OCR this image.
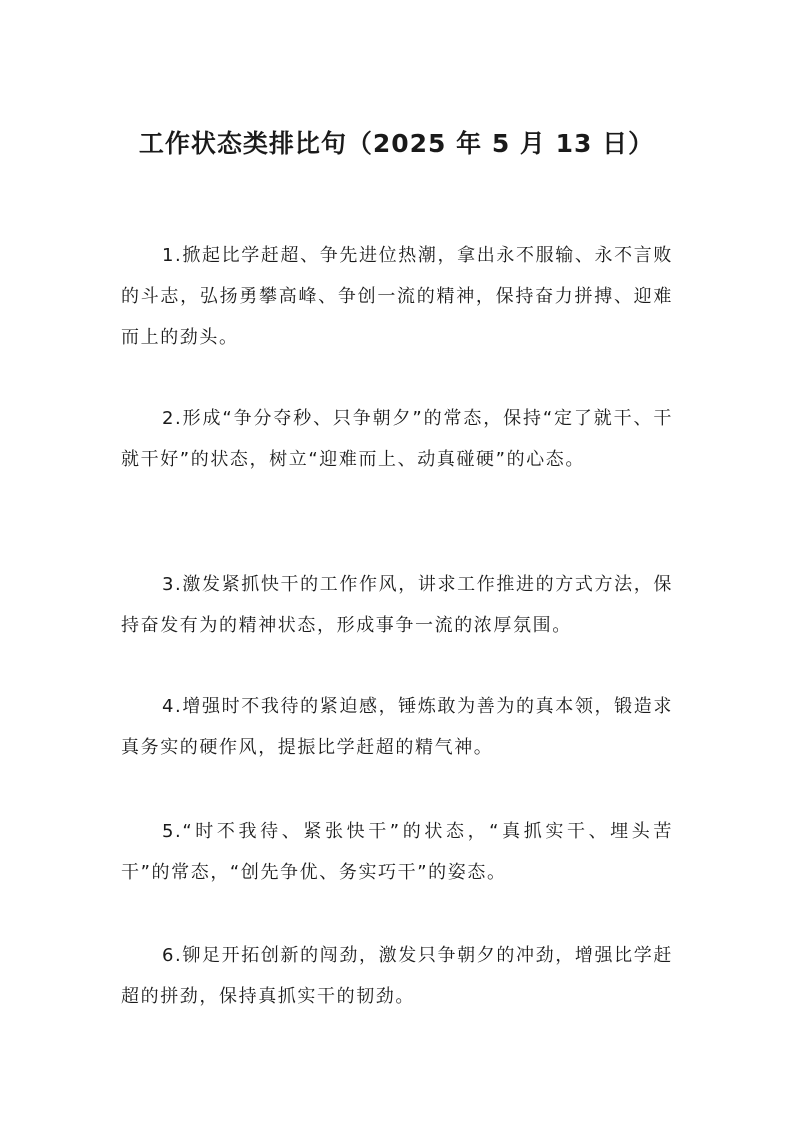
工作状态类排比句（2025 年 5 月 13 日）

1.掀起比学赶超、争先进位热潮，拿出永不服输、永不言败的斗志，弘扬勇攀高峰、争创一流的精神，保持奋力拼搏、迎难而上的劲头。

2.形成“争分夺秒、只争朝夕”的常态，保持“定了就干、干就干好”的状态，树立“迎难而上、动真碰硬”的心态。

3.激发紧抓快干的工作作风，讲求工作推进的方式方法，保持奋发有为的精神状态，形成事争一流的浓厚氛围。

4.增强时不我待的紧迫感，锤炼敢为善为的真本领，锻造求真务实的硬作风，提振比学赶超的精气神。

5.“时不我待、紧张快干”的状态，“真抓实干、埋头苦干”的常态，“创先争优、务实巧干”的姿态。

6.铆足开拓创新的闯劲，激发只争朝夕的冲劲，增强比学赶超的拼劲，保持真抓实干的韧劲。
